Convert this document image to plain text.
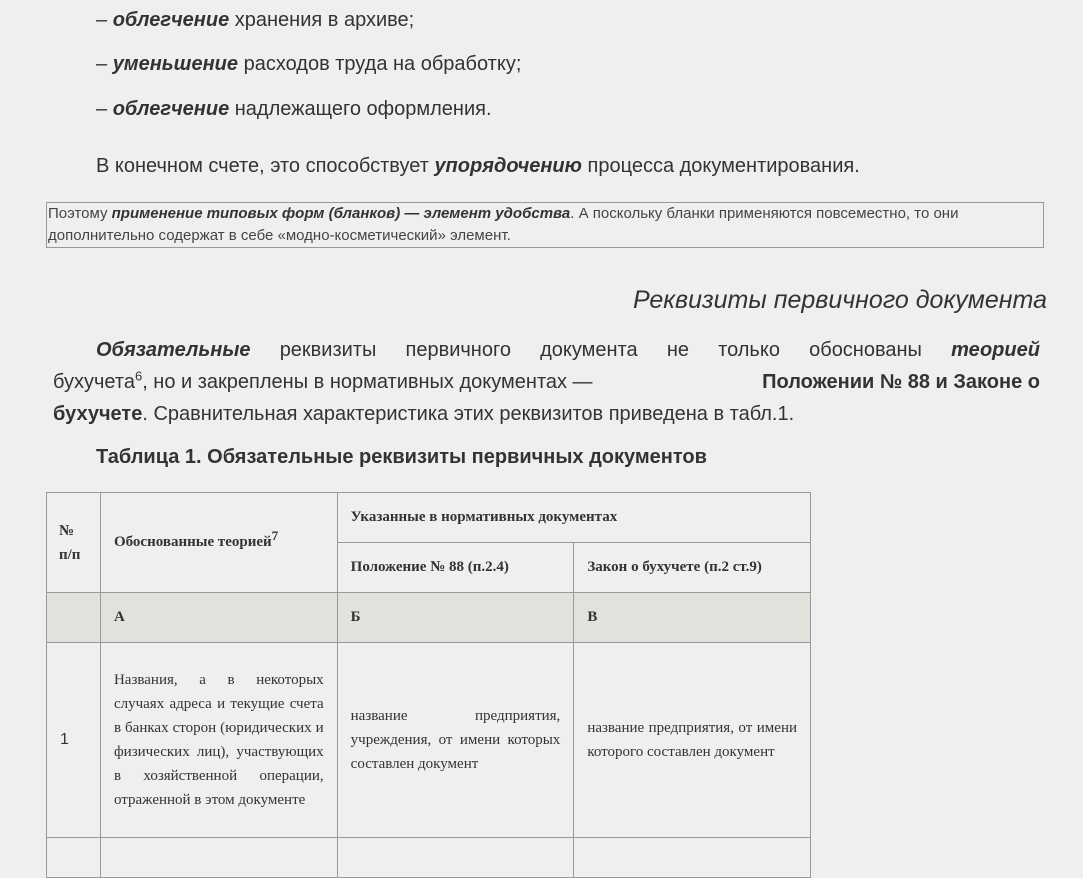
– облегчение хранения в архиве;
– уменьшение расходов труда на обработку;
– облегчение надлежащего оформления.
В конечном счете, это способствует упорядочению процесса документирования.
Поэтому применение типовых форм (бланков) — элемент удобства. А поскольку бланки применяются повсеместно, то они дополнительно содержат в себе «модно-косметический» элемент.
Реквизиты первичного документа
Обязательные реквизиты первичного документа не только обоснованы теорией
бухучета$^6$, но и закреплены в нормативных документах —	Положении № 88 и Законе о
бухучете . Сравнительная характеристика этих реквизитов приведена в табл.1.
Таблица 1. Обязательные реквизиты первичных документов
№ п/п	Обоснованные теорией$^7$	Указанные в нормативных документах	
		Положение № 88 (п.2.4)	Закон о бухучете (п.2 ст.9)
	А	Б	В
1	Названия, а в некоторых случаях адреса и текущие счета в банках сторон (юридических и физических лиц), участвующих в хозяйственной операции, отраженной в этом документе	название предприятия, учреждения, от имени которых составлен документ	название предприятия, от имени которого составлен документ
